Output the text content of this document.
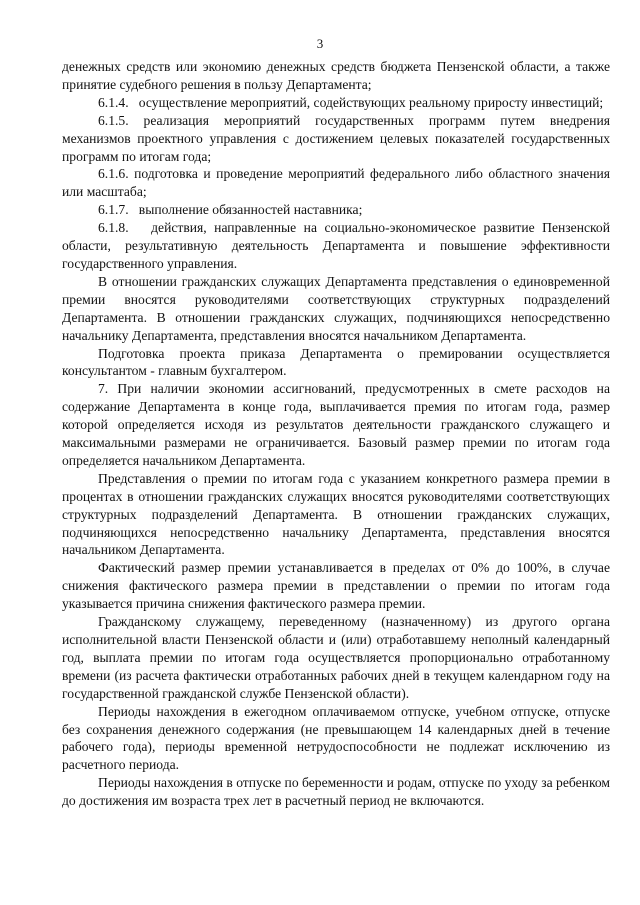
3

денежных средств или экономию денежных средств бюджета Пензенской области, а также принятие судебного решения в пользу Департамента;

6.1.4.   осуществление мероприятий, содействующих реальному приросту инвестиций;

6.1.5. реализация мероприятий государственных программ путем внедрения механизмов проектного управления с достижением целевых показателей государственных программ по итогам года;

6.1.6. подготовка и проведение мероприятий федерального либо областного значения или масштаба;

6.1.7.   выполнение обязанностей наставника;

6.1.8.   действия, направленные на социально-экономическое развитие Пензенской области, результативную деятельность Департамента и повышение эффективности государственного управления.

В отношении гражданских служащих Департамента представления о единовременной премии вносятся руководителями соответствующих структурных подразделений Департамента. В отношении гражданских служащих, подчиняющихся непосредственно начальнику Департамента, представления вносятся начальником Департамента.

Подготовка проекта приказа Департамента о премировании осуществляется консультантом - главным бухгалтером.

7. При наличии экономии ассигнований, предусмотренных в смете расходов на содержание Департамента в конце года, выплачивается премия по итогам года, размер которой определяется исходя из результатов деятельности гражданского служащего и максимальными размерами не ограничивается. Базовый размер премии по итогам года определяется начальником Департамента.

Представления о премии по итогам года с указанием конкретного размера премии в процентах в отношении гражданских служащих вносятся руководителями соответствующих структурных подразделений Департамента. В отношении гражданских служащих, подчиняющихся непосредственно начальнику Департамента, представления вносятся начальником Департамента.

Фактический размер премии устанавливается в пределах от 0% до 100%, в случае снижения фактического размера премии в представлении о премии по итогам года указывается причина снижения фактического размера премии.

Гражданскому служащему, переведенному (назначенному) из другого органа исполнительной власти Пензенской области и (или) отработавшему неполный календарный год, выплата премии по итогам года осуществляется пропорционально отработанному времени (из расчета фактически отработанных рабочих дней в текущем календарном году на государственной гражданской службе Пензенской области).

Периоды нахождения в ежегодном оплачиваемом отпуске, учебном отпуске, отпуске без сохранения денежного содержания (не превышающем 14 календарных дней в течение рабочего года), периоды временной нетрудоспособности не подлежат исключению из расчетного периода.

Периоды нахождения в отпуске по беременности и родам, отпуске по уходу за ребенком до достижения им возраста трех лет в расчетный период не включаются.
